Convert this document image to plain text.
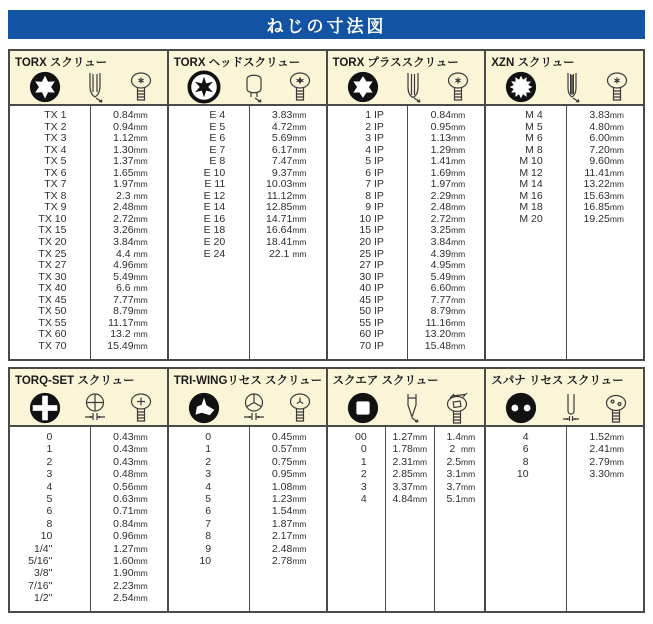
ねじの寸法図
TORX スクリュー
TX 1	0.84mm
TX 2	0.94mm
TX 3	1.12mm
TX 4	1.30mm
TX 5	1.37mm
TX 6	1.65mm
TX 7	1.97mm
TX 8	2.3 mm
TX 9	2.48mm
TX 10	2.72mm
TX 15	3.26mm
TX 20	3.84mm
TX 25	4.4 mm
TX 27	4.96mm
TX 30	5.49mm
TX 40	6.6 mm
TX 45	7.77mm
TX 50	8.79mm
TX 55	11.17mm
TX 60	13.2 mm
TX 70	15.49mm
TORX ヘッドスクリュー
E 4	3.83mm
E 5	4.72mm
E 6	5.69mm
E 7	6.17mm
E 8	7.47mm
E 10	9.37mm
E 11	10.03mm
E 12	11.12mm
E 14	12.85mm
E 16	14.71mm
E 18	16.64mm
E 20	18.41mm
E 24	22.1 mm
TORX プラススクリュー
1 IP	0.84mm
2 IP	0.95mm
3 IP	1.13mm
4 IP	1.29mm
5 IP	1.41mm
6 IP	1.69mm
7 IP	1.97mm
8 IP	2.29mm
9 IP	2.48mm
10 IP	2.72mm
15 IP	3.25mm
20 IP	3.84mm
25 IP	4.39mm
27 IP	4.95mm
30 IP	5.49mm
40 IP	6.60mm
45 IP	7.77mm
50 IP	8.79mm
55 IP	11.16mm
60 IP	13.20mm
70 IP	15.48mm
XZN スクリュー
M 4	3.83mm
M 5	4.80mm
M 6	6.00mm
M 8	7.20mm
M 10	9.60mm
M 12	11.41mm
M 14	13.22mm
M 16	15.63mm
M 18	16.85mm
M 20	19.25mm
TORQ-SET スクリュー
0	0.43mm
1	0.43mm
2	0.43mm
3	0.48mm
4	0.56mm
5	0.63mm
6	0.71mm
8	0.84mm
10	0.96mm
1/4"	1.27mm
5/16"	1.60mm
3/8"	1.90mm
7/16"	2.23mm
1/2"	2.54mm
TRI-WINGリセス スクリュー
0	0.45mm
1	0.57mm
2	0.75mm
3	0.95mm
4	1.08mm
5	1.23mm
6	1.54mm
7	1.87mm
8	2.17mm
9	2.48mm
10	2.78mm
スクエア スクリュー
00	1.27mm	1.4mm
0	1.78mm	2  mm
1	2.31mm	2.5mm
2	2.85mm	3.1mm
3	3.37mm	3.7mm
4	4.84mm	5.1mm
スパナ リセス スクリュー
4	1.52mm
6	2.41mm
8	2.79mm
10	3.30mm
